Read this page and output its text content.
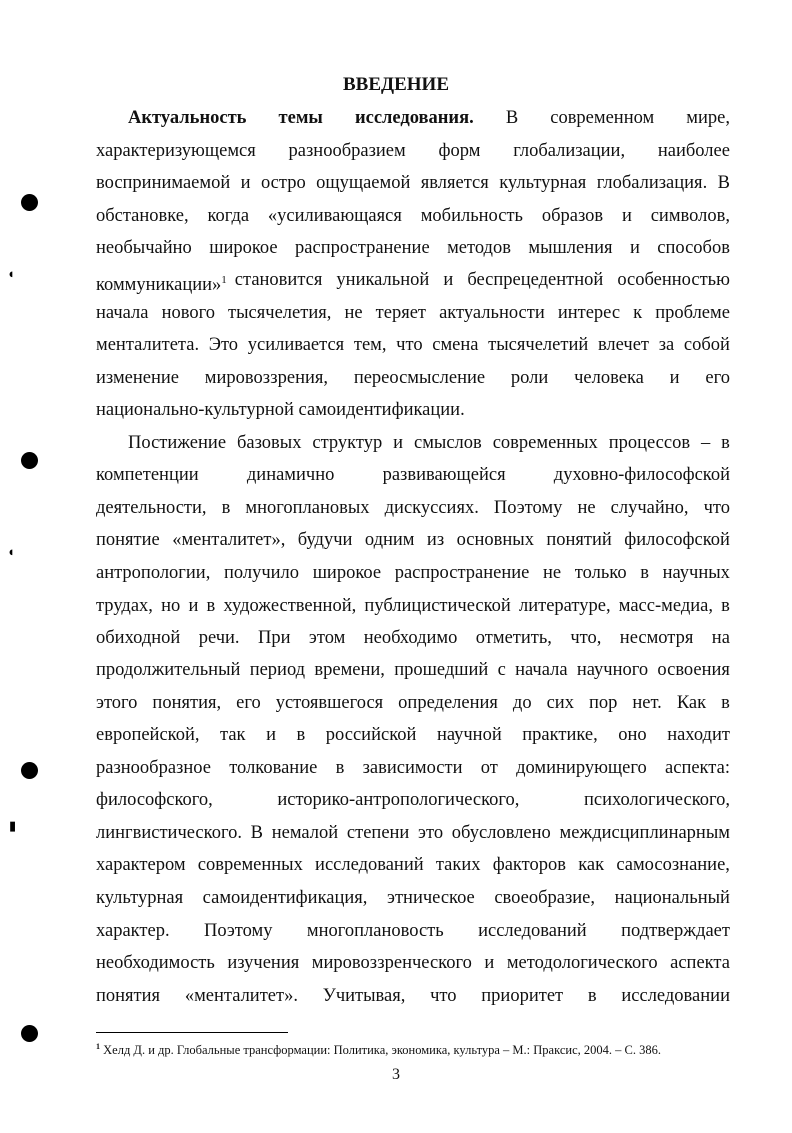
◖
◖
▮
ВВЕДЕНИЕ
Актуальность темы исследования. В современном мире,
характеризующемся разнообразием форм глобализации, наиболее
воспринимаемой и остро ощущаемой является культурная глобализация. В
обстановке, когда «усиливающаяся мобильность образов и символов,
необычайно широкое распространение методов мышления и способов
коммуникации»1 становится уникальной и беспрецедентной особенностью
начала нового тысячелетия, не теряет актуальности интерес к проблеме
менталитета. Это усиливается тем, что смена тысячелетий влечет за собой
изменение мировоззрения, переосмысление роли человека и его
национально-культурной самоидентификации.
Постижение базовых структур и смыслов современных процессов – в
компетенции	динамично	развивающейся	духовно-философской
деятельности, в многоплановых дискуссиях. Поэтому не случайно, что
понятие «менталитет», будучи одним из основных понятий философской
антропологии, получило широкое распространение не только в научных
трудах, но и в художественной, публицистической литературе, масс-медиа, в
обиходной речи. При этом необходимо отметить, что, несмотря на
продолжительный период времени, прошедший с начала научного освоения
этого понятия, его устоявшегося определения до сих пор нет. Как в
европейской, так и в российской научной практике, оно находит
разнообразное толкование в зависимости от доминирующего аспекта:
философского,	историко-антропологического,	психологического,
лингвистического. В немалой степени это обусловлено междисциплинарным
характером современных исследований таких факторов как самосознание,
культурная самоидентификация, этническое своеобразие, национальный
характер. Поэтому многоплановость исследований подтверждает
необходимость изучения мировоззренческого и методологического аспекта
понятия «менталитет». Учитывая, что приоритет в исследовании
$^1$ Хелд Д. и др. Глобальные трансформации: Политика, экономика, культура – М.: Праксис, 2004. – С. 386.
3
